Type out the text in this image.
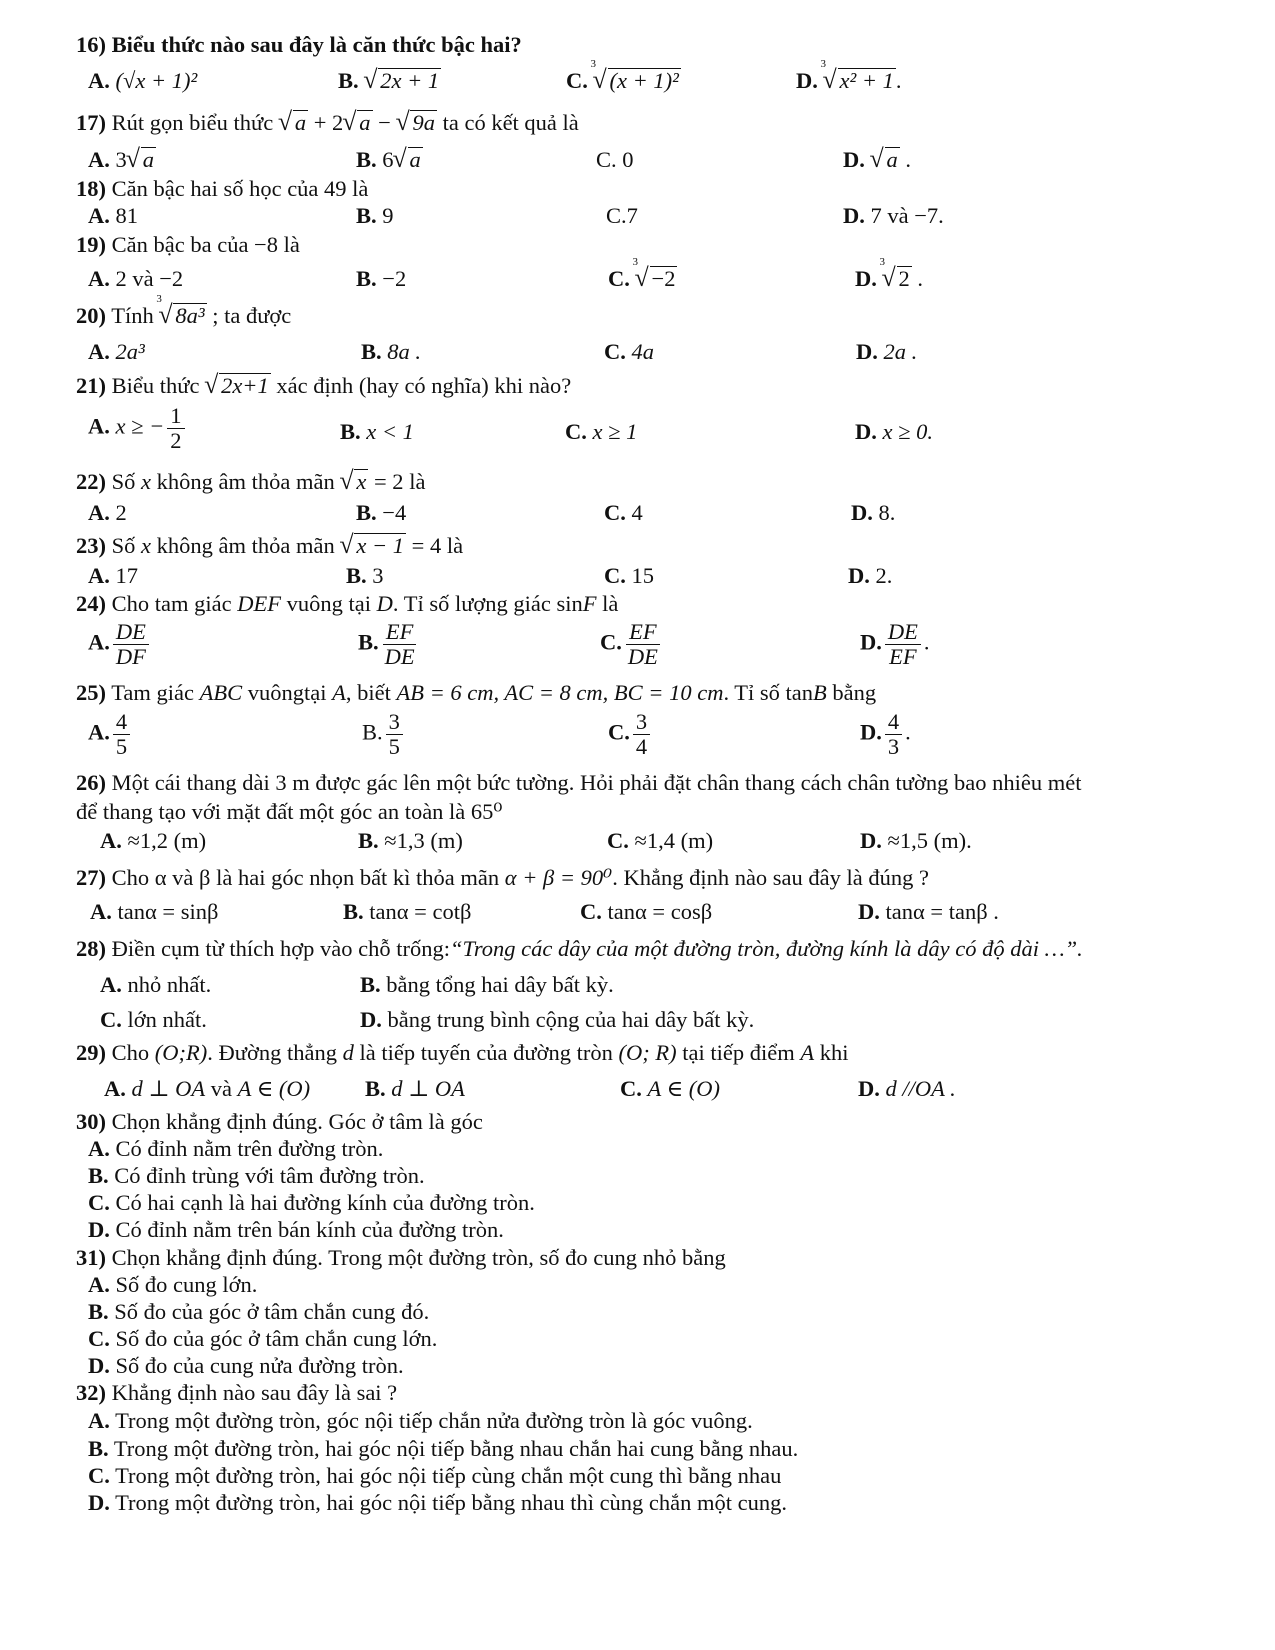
16) Biểu thức nào sau đây là căn thức bậc hai?
A. (√x + 1)²	B. √ 2x + 1	C.
√ 3
(x + 1)²	D.
√ 3
x² + 1.
17) Rút gọn biểu thức √ a + 2 √ a − √ 9a ta có kết quả là
A. 3 √ a	B. 6 √ a	C. 0	D. √ a .
18) Căn bậc hai số học của 49 là
A. 81	B. 9	C.7	D. 7 và −7.
19) Căn bậc ba của −8 là
A. 2 và −2	B. −2	C.
√ 3
−2	D.
√ 3
2 .
20) Tính
√ 3
8a³ ; ta được
A. 2a³	B. 8a .	C. 4a	D. 2a .
21) Biểu thức √ 2x+1 xác định (hay có nghĩa) khi nào?
A. x ≥ − $\frac{1}{2}$	B. x < 1	C. x ≥ 1	D. x ≥ 0.
22) Số x không âm thỏa mãn √ x = 2 là
A. 2	B. −4	C. 4	D. 8.
23) Số x không âm thỏa mãn √ x − 1 = 4 là
A. 17	B. 3	C. 15	D. 2.
24) Cho tam giác DEF vuông tại D. Tỉ số lượng giác sinF là
A. $\frac{DE}{DF}$	B. $\frac{EF}{DE}$	C. $\frac{EF}{DE}$	D. $\frac{DE}{EF}$ .
25) Tam giác ABC vuôngtại A, biết AB = 6 cm, AC = 8 cm, BC = 10 cm. Tỉ số tanB bằng
A. $\frac{4}{5}$	B. $\frac{3}{5}$	C. $\frac{3}{4}$	D. $\frac{4}{3}$ .
26) Một cái thang dài 3 m được gác lên một bức tường. Hỏi phải đặt chân thang cách chân tường bao nhiêu mét
để thang tạo với mặt đất một góc an toàn là 65⁰
A. ≈1,2 (m)	B. ≈1,3 (m)	C. ≈1,4 (m)	D. ≈1,5 (m).
27) Cho α và β là hai góc nhọn bất kì thỏa mãn α + β = 90⁰. Khẳng định nào sau đây là đúng ?
A. tanα = sinβ	B. tanα = cotβ	C. tanα = cosβ	D. tanα = tanβ .
28) Điền cụm từ thích hợp vào chỗ trống:“Trong các dây của một đường tròn, đường kính là dây có độ dài …”.
A. nhỏ nhất.	B. bằng tổng hai dây bất kỳ.
C. lớn nhất.	D. bằng trung bình cộng của hai dây bất kỳ.
29) Cho (O;R). Đường thẳng d là tiếp tuyến của đường tròn (O; R) tại tiếp điểm A khi
A. d ⊥ OA và A ∈ (O) B. d ⊥ OA	C. A ∈ (O)	D. d //OA .
30) Chọn khẳng định đúng. Góc ở tâm là góc
A. Có đỉnh nằm trên đường tròn.
B. Có đỉnh trùng với tâm đường tròn.
C. Có hai cạnh là hai đường kính của đường tròn.
D. Có đỉnh nằm trên bán kính của đường tròn.
31) Chọn khẳng định đúng. Trong một đường tròn, số đo cung nhỏ bằng
A. Số đo cung lớn.
B. Số đo của góc ở tâm chắn cung đó.
C. Số đo của góc ở tâm chắn cung lớn.
D. Số đo của cung nửa đường tròn.
32) Khẳng định nào sau đây là sai ?
A. Trong một đường tròn, góc nội tiếp chắn nửa đường tròn là góc vuông.
B. Trong một đường tròn, hai góc nội tiếp bằng nhau chắn hai cung bằng nhau.
C. Trong một đường tròn, hai góc nội tiếp cùng chắn một cung thì bằng nhau
D. Trong một đường tròn, hai góc nội tiếp bằng nhau thì cùng chắn một cung.
